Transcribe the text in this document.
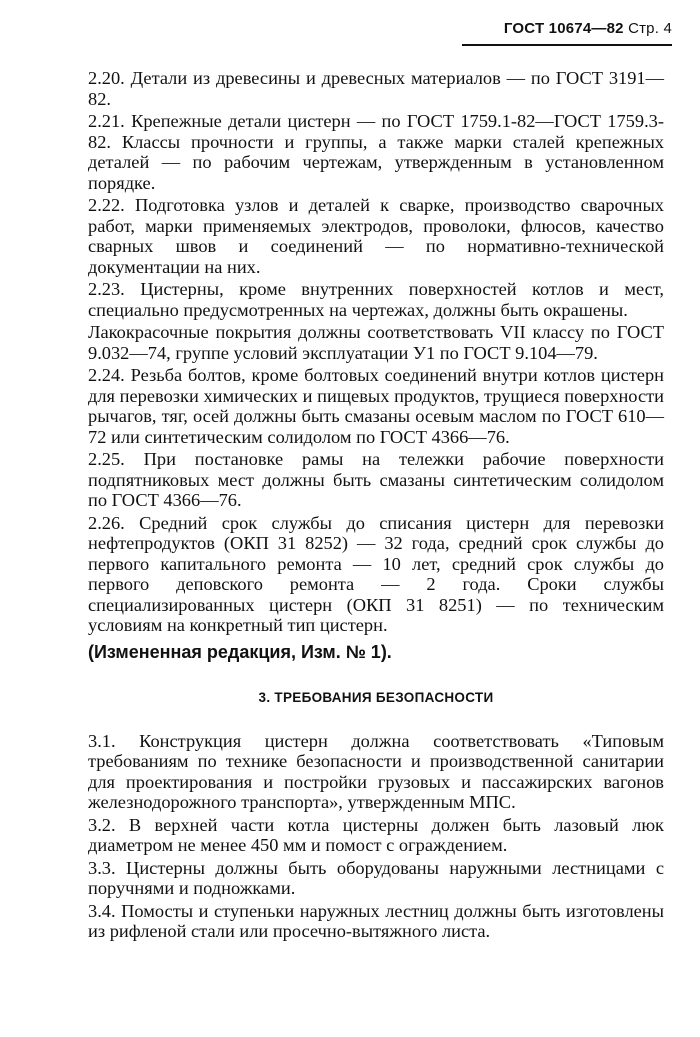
ГОСТ 10674—82 Стр. 4

2.20. Детали из древесины и древесных материалов — по ГОСТ 3191—82.

2.21. Крепежные детали цистерн — по ГОСТ 1759.1-82—ГОСТ 1759.3-82. Классы прочности и группы, а также марки сталей крепежных деталей — по рабочим чертежам, утвержденным в установленном порядке.

2.22. Подготовка узлов и деталей к сварке, производство сварочных работ, марки применяемых электродов, проволоки, флюсов, качество сварных швов и соединений — по нормативно-технической документации на них.

2.23. Цистерны, кроме внутренних поверхностей котлов и мест, специально предусмотренных на чертежах, должны быть окрашены.

Лакокрасочные покрытия должны соответствовать VII классу по ГОСТ 9.032—74, группе условий эксплуатации У1 по ГОСТ 9.104—79.

2.24. Резьба болтов, кроме болтовых соединений внутри котлов цистерн для перевозки химических и пищевых продуктов, трущиеся поверхности рычагов, тяг, осей должны быть смазаны осевым маслом по ГОСТ 610—72 или синтетическим солидолом по ГОСТ 4366—76.

2.25. При постановке рамы на тележки рабочие поверхности подпятниковых мест должны быть смазаны синтетическим солидолом по ГОСТ 4366—76.

2.26. Средний срок службы до списания цистерн для перевозки нефтепродуктов (ОКП 31 8252) — 32 года, средний срок службы до первого капитального ремонта — 10 лет, средний срок службы до первого деповского ремонта — 2 года. Сроки службы специализированных цистерн (ОКП 31 8251) — по техническим условиям на конкретный тип цистерн.

(Измененная редакция, Изм. № 1).

3. ТРЕБОВАНИЯ БЕЗОПАСНОСТИ

3.1. Конструкция цистерн должна соответствовать «Типовым требованиям по технике безопасности и производственной санитарии для проектирования и постройки грузовых и пассажирских вагонов железнодорожного транспорта», утвержденным МПС.

3.2. В верхней части котла цистерны должен быть лазовый люк диаметром не менее 450 мм и помост с ограждением.

3.3. Цистерны должны быть оборудованы наружными лестницами с поручнями и подножками.

3.4. Помосты и ступеньки наружных лестниц должны быть изготовлены из рифленой стали или просечно-вытяжного листа.
